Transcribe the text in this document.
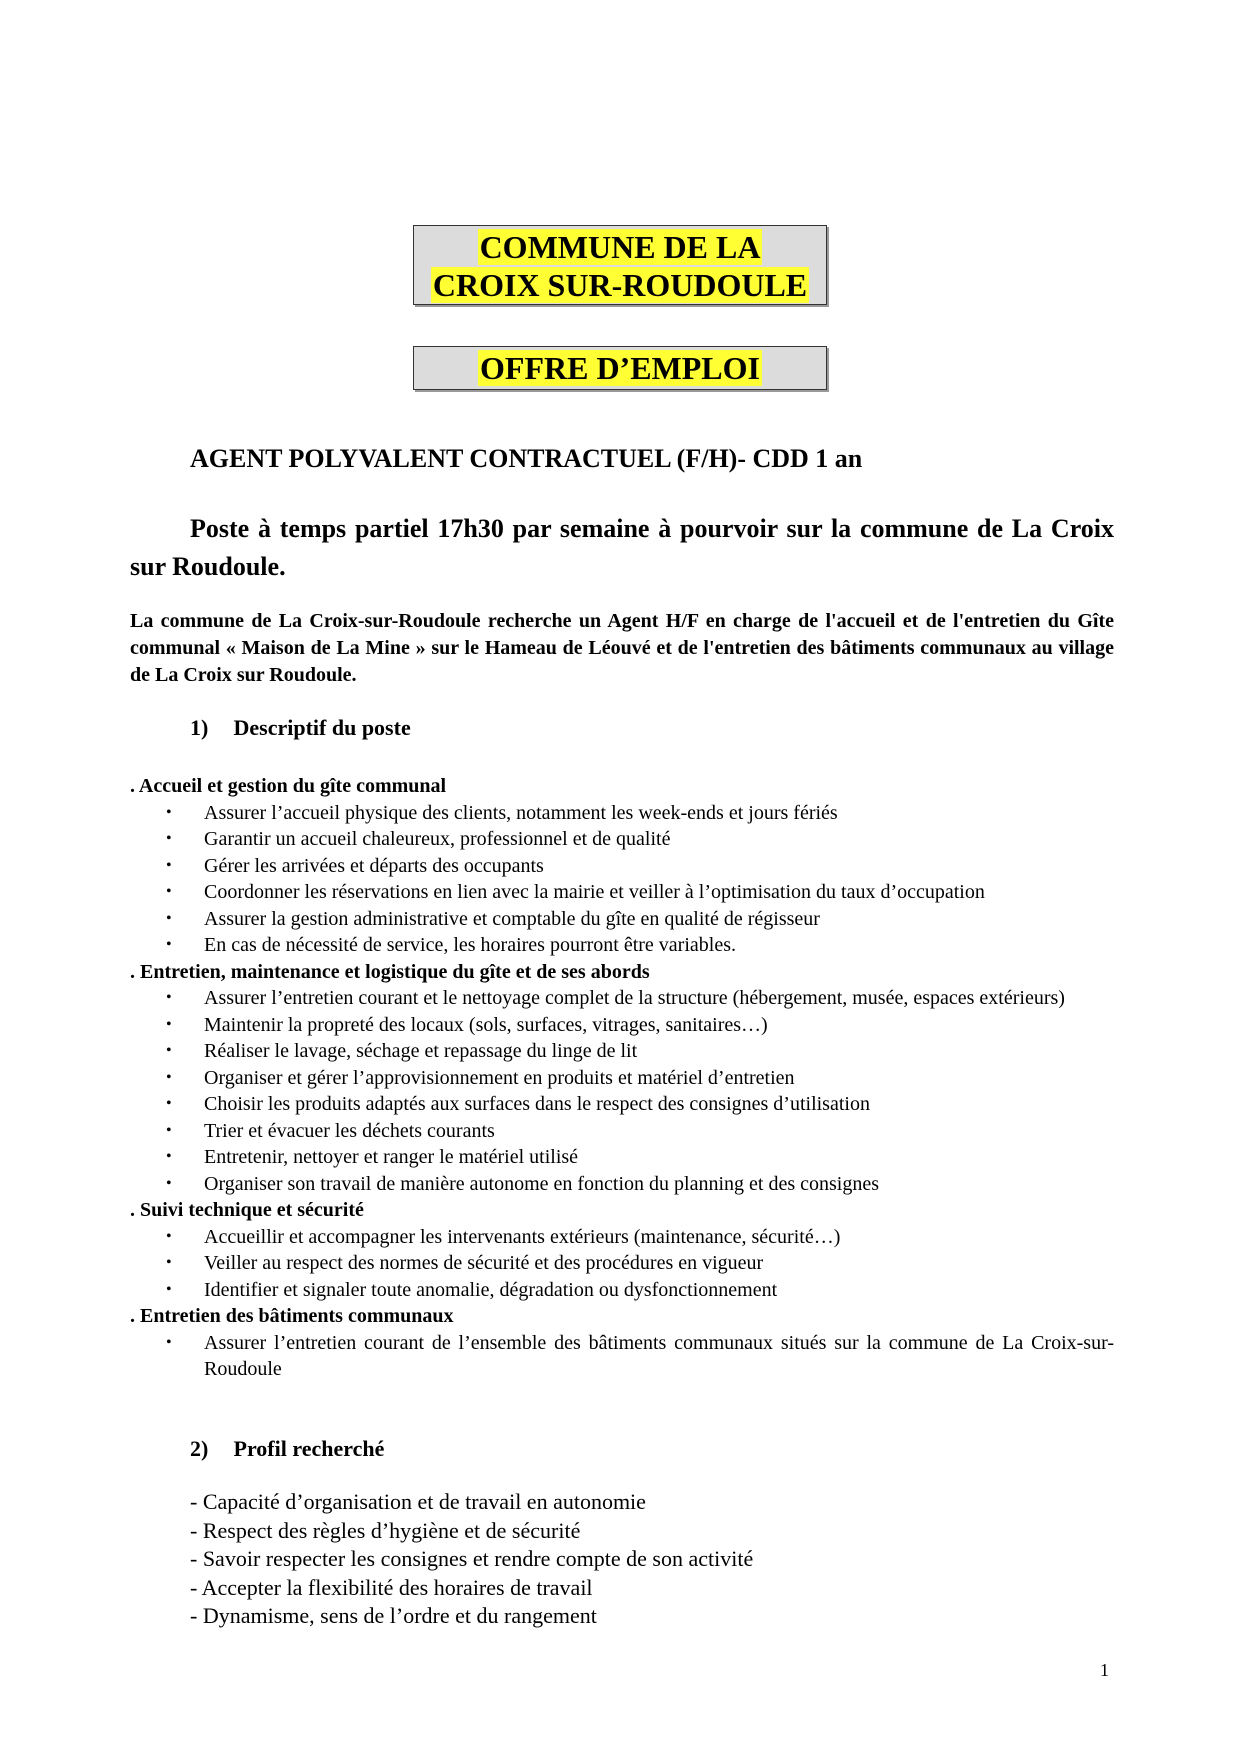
COMMUNE DE LA
CROIX SUR-ROUDOULE
OFFRE D’EMPLOI
AGENT POLYVALENT CONTRACTUEL (F/H)- CDD 1 an
Poste à temps partiel 17h30 par semaine à pourvoir sur la commune de La Croix sur Roudoule.
La commune de La Croix-sur-Roudoule recherche un Agent H/F en charge de l'accueil et de l'entretien du Gîte communal « Maison de La Mine » sur le Hameau de Léouvé et de l'entretien des bâtiments communaux au village de La Croix sur Roudoule.
1) Descriptif du poste
. Accueil et gestion du gîte communal
• Assurer l’accueil physique des clients, notamment les week-ends et jours fériés
• Garantir un accueil chaleureux, professionnel et de qualité
• Gérer les arrivées et départs des occupants
• Coordonner les réservations en lien avec la mairie et veiller à l’optimisation du taux d’occupation
• Assurer la gestion administrative et comptable du gîte en qualité de régisseur
• En cas de nécessité de service, les horaires pourront être variables.
. Entretien, maintenance et logistique du gîte et de ses abords
• Assurer l’entretien courant et le nettoyage complet de la structure (hébergement, musée, espaces extérieurs)
• Maintenir la propreté des locaux (sols, surfaces, vitrages, sanitaires…)
• Réaliser le lavage, séchage et repassage du linge de lit
• Organiser et gérer l’approvisionnement en produits et matériel d’entretien
• Choisir les produits adaptés aux surfaces dans le respect des consignes d’utilisation
• Trier et évacuer les déchets courants
• Entretenir, nettoyer et ranger le matériel utilisé
• Organiser son travail de manière autonome en fonction du planning et des consignes
. Suivi technique et sécurité
• Accueillir et accompagner les intervenants extérieurs (maintenance, sécurité…)
• Veiller au respect des normes de sécurité et des procédures en vigueur
• Identifier et signaler toute anomalie, dégradation ou dysfonctionnement
. Entretien des bâtiments communaux
• Assurer l’entretien courant de l’ensemble des bâtiments communaux situés sur la commune de La Croix-sur-Roudoule
2) Profil recherché
- Capacité d’organisation et de travail en autonomie
- Respect des règles d’hygiène et de sécurité
- Savoir respecter les consignes et rendre compte de son activité
- Accepter la flexibilité des horaires de travail
- Dynamisme, sens de l’ordre et du rangement
1
